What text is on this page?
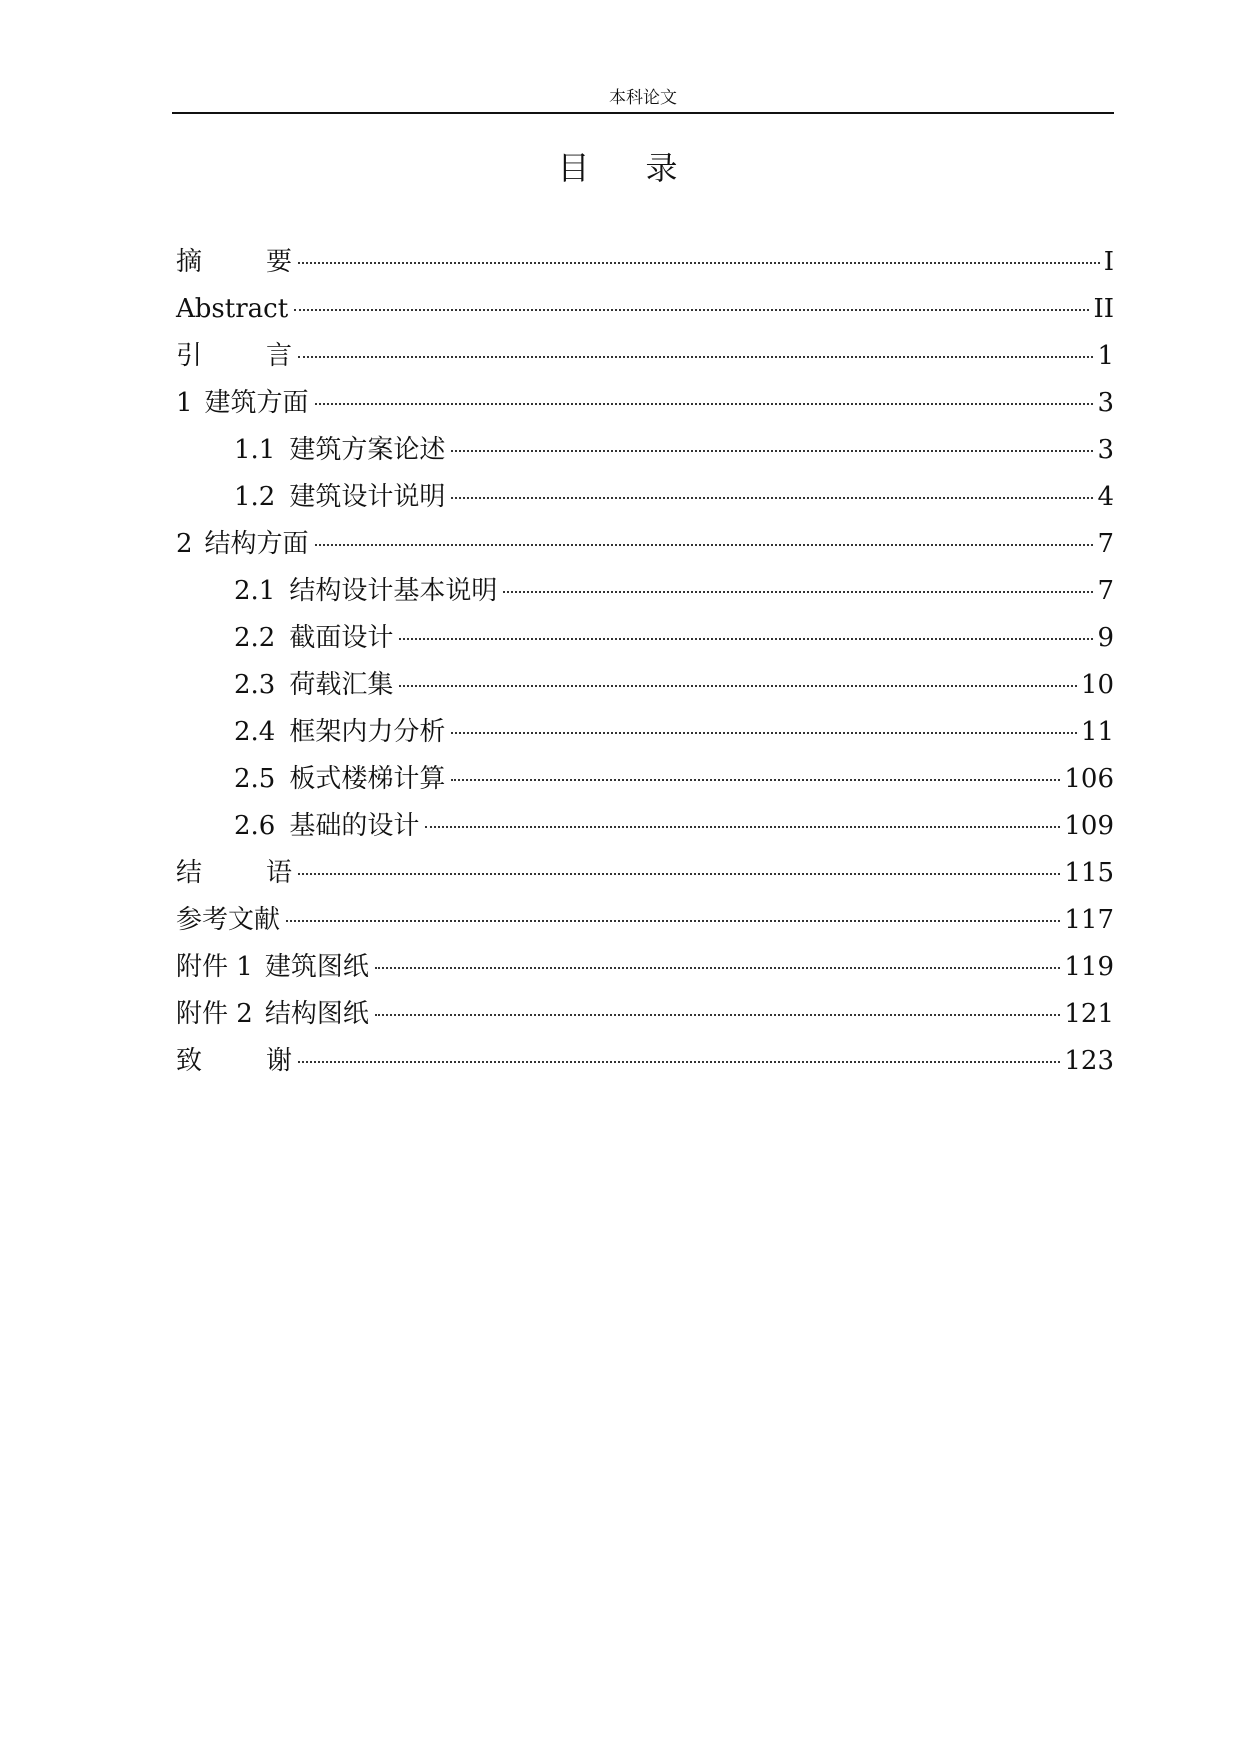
本科论文
目 录
摘 要	I
Abstract	II
引 言	1
1 建筑方面	3
1.1 建筑方案论述	3
1.2 建筑设计说明	4
2 结构方面	7
2.1 结构设计基本说明	7
2.2 截面设计	9
2.3 荷载汇集	10
2.4 框架内力分析	11
2.5 板式楼梯计算	106
2.6 基础的设计	109
结 语	115
参考文献	117
附件 1 建筑图纸	119
附件 2 结构图纸	121
致 谢	123
